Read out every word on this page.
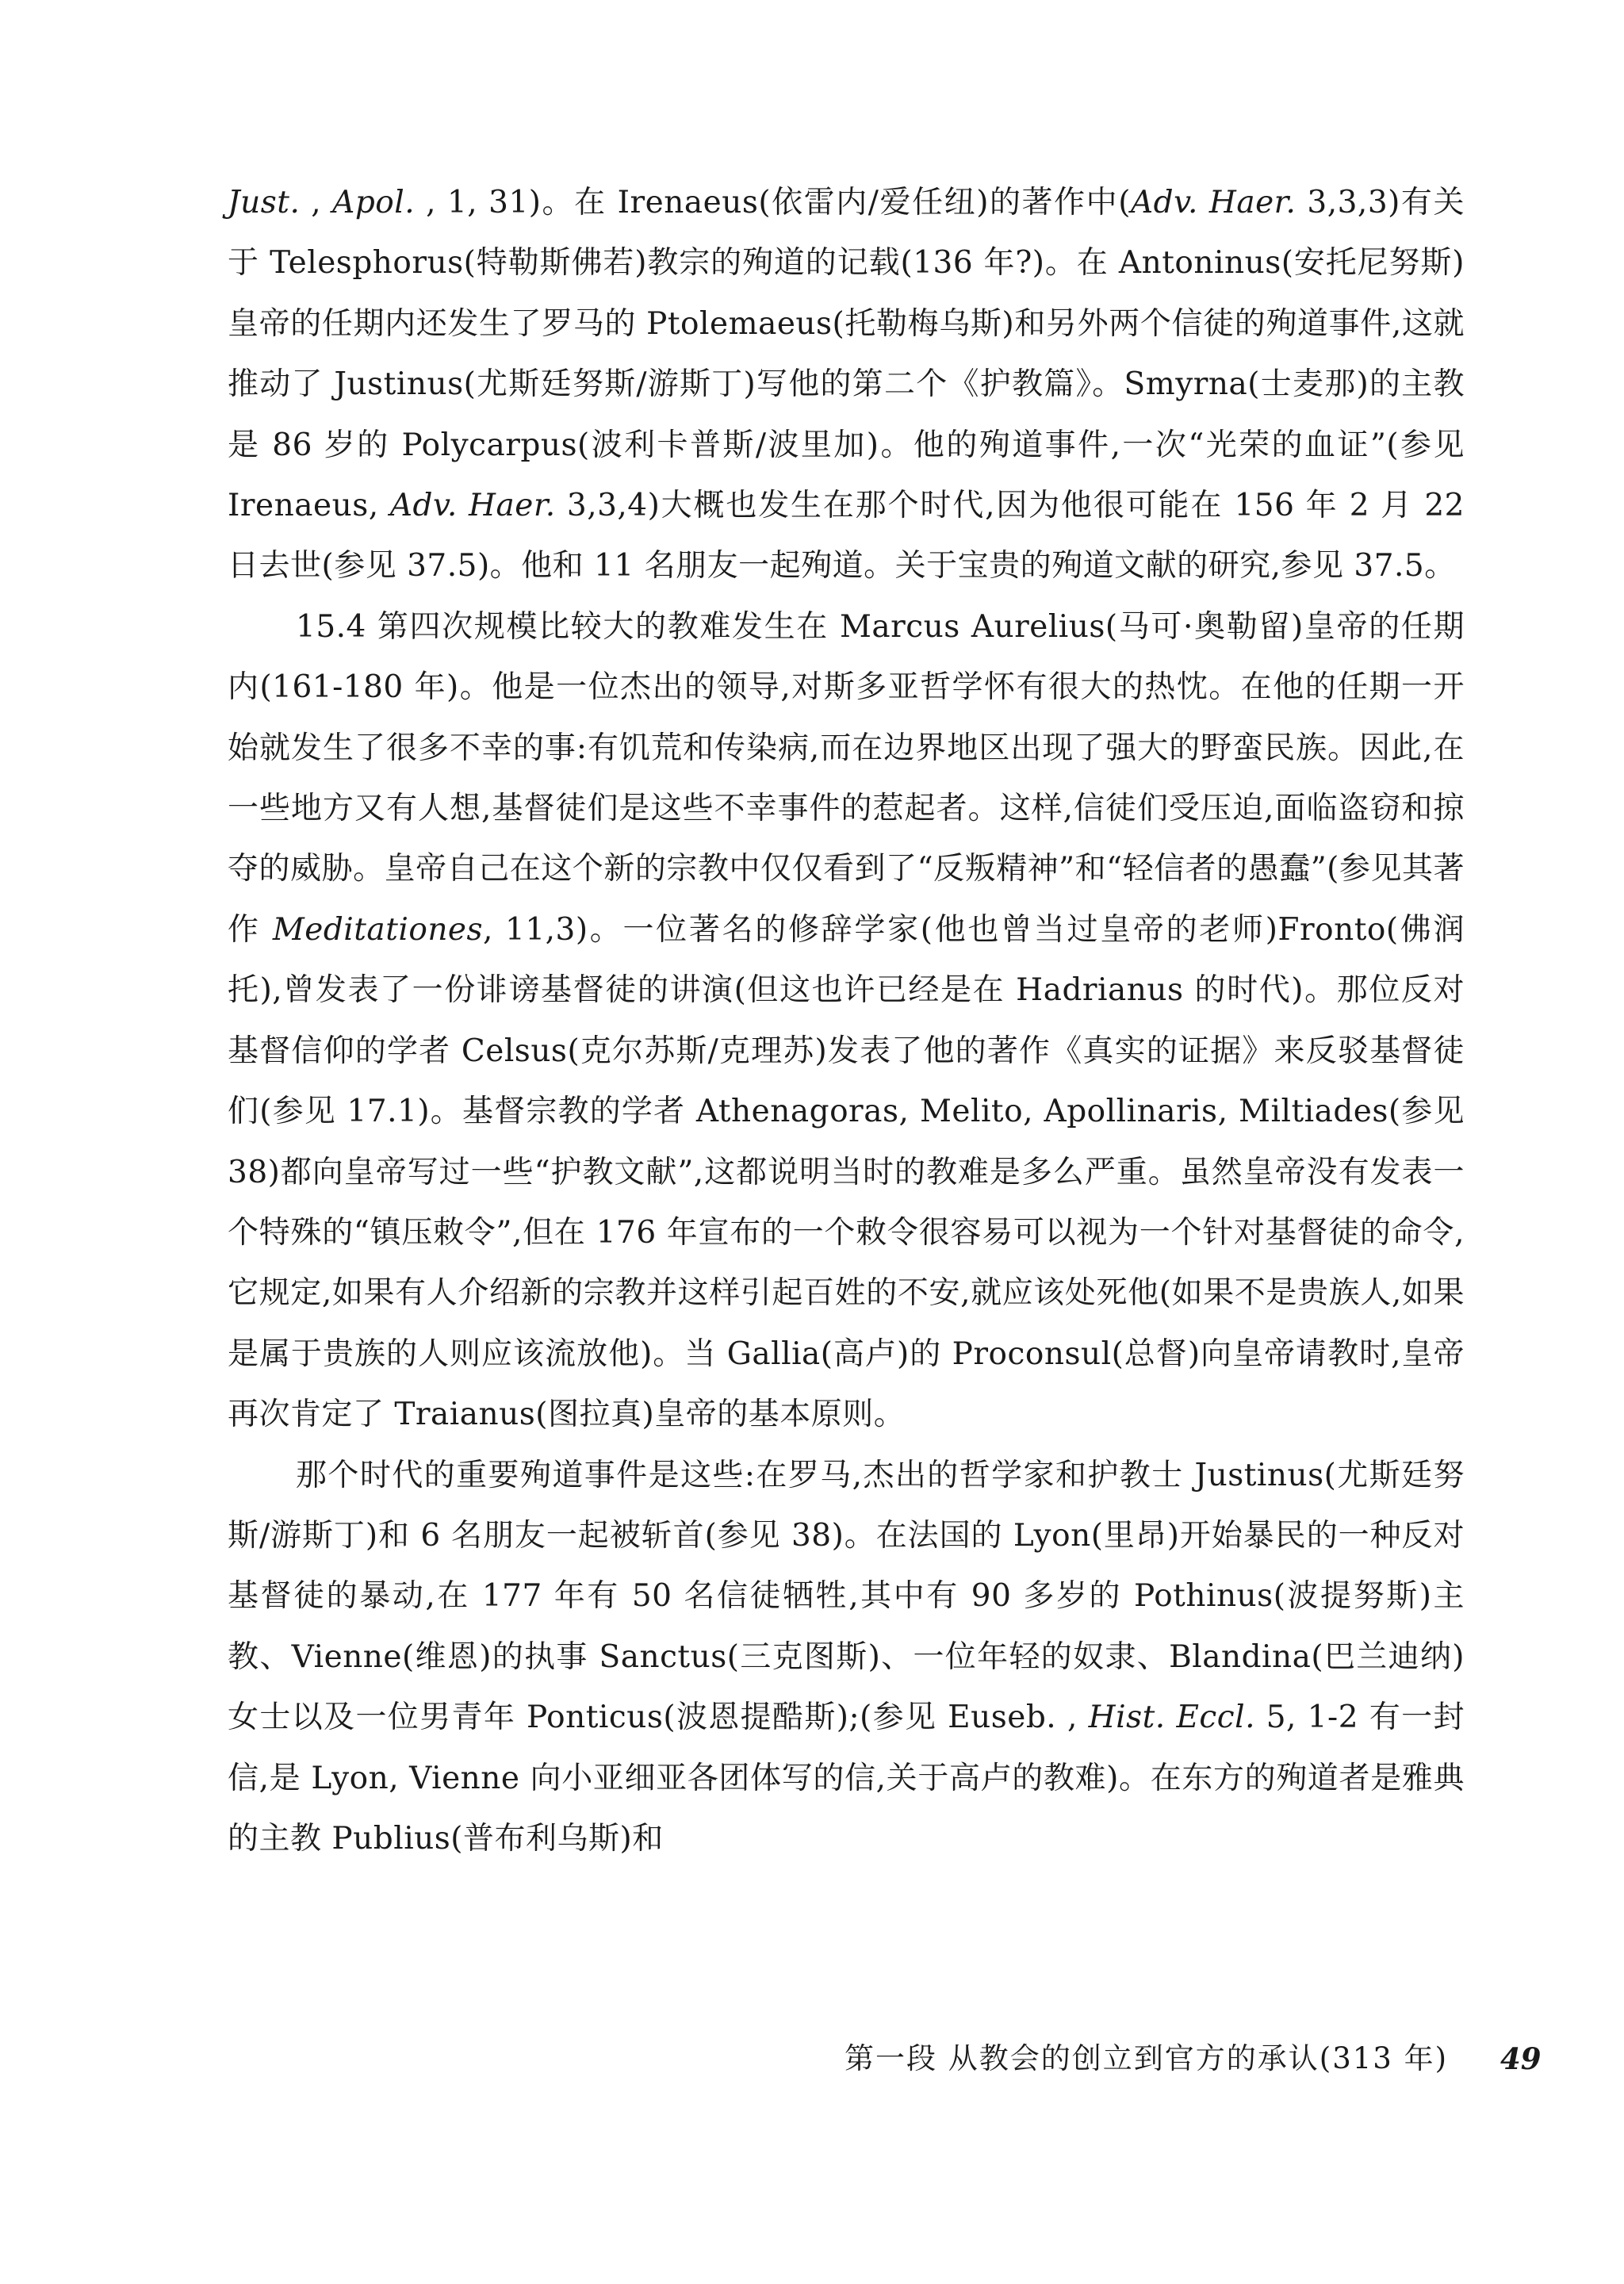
Just. , Apol. , 1, 31)。在 Irenaeus(依雷内/爱任纽)的著作中(Adv. Haer. 3,3,3)有关于 Telesphorus(特勒斯佛若)教宗的殉道的记载(136 年?)。在 Antoninus(安托尼努斯)皇帝的任期内还发生了罗马的 Ptolemaeus(托勒梅乌斯)和另外两个信徒的殉道事件,这就推动了 Justinus(尤斯廷努斯/游斯丁)写他的第二个《护教篇》。Smyrna(士麦那)的主教是 86 岁的 Polycarpus(波利卡普斯/波里加)。他的殉道事件,一次“光荣的血证”(参见 Irenaeus, Adv. Haer. 3,3,4)大概也发生在那个时代,因为他很可能在 156 年 2 月 22 日去世(参见 37.5)。他和 11 名朋友一起殉道。关于宝贵的殉道文献的研究,参见 37.5。

15.4 第四次规模比较大的教难发生在 Marcus Aurelius(马可·奥勒留)皇帝的任期内(161-180 年)。他是一位杰出的领导,对斯多亚哲学怀有很大的热忱。在他的任期一开始就发生了很多不幸的事:有饥荒和传染病,而在边界地区出现了强大的野蛮民族。因此,在一些地方又有人想,基督徒们是这些不幸事件的惹起者。这样,信徒们受压迫,面临盗窃和掠夺的威胁。皇帝自己在这个新的宗教中仅仅看到了“反叛精神”和“轻信者的愚蠢”(参见其著作 Meditationes, 11,3)。一位著名的修辞学家(他也曾当过皇帝的老师)Fronto(佛润托),曾发表了一份诽谤基督徒的讲演(但这也许已经是在 Hadrianus 的时代)。那位反对基督信仰的学者 Celsus(克尔苏斯/克理苏)发表了他的著作《真实的证据》来反驳基督徒们(参见 17.1)。基督宗教的学者 Athenagoras, Melito, Apollinaris, Miltiades(参见 38)都向皇帝写过一些“护教文献”,这都说明当时的教难是多么严重。虽然皇帝没有发表一个特殊的“镇压敕令”,但在 176 年宣布的一个敕令很容易可以视为一个针对基督徒的命令,它规定,如果有人介绍新的宗教并这样引起百姓的不安,就应该处死他(如果不是贵族人,如果是属于贵族的人则应该流放他)。当 Gallia(高卢)的 Proconsul(总督)向皇帝请教时,皇帝再次肯定了 Traianus(图拉真)皇帝的基本原则。

那个时代的重要殉道事件是这些:在罗马,杰出的哲学家和护教士 Justinus(尤斯廷努斯/游斯丁)和 6 名朋友一起被斩首(参见 38)。在法国的 Lyon(里昂)开始暴民的一种反对基督徒的暴动,在 177 年有 50 名信徒牺牲,其中有 90 多岁的 Pothinus(波提努斯)主教、Vienne(维恩)的执事 Sanctus(三克图斯)、一位年轻的奴隶、Blandina(巴兰迪纳)女士以及一位男青年 Ponticus(波恩提酷斯);(参见 Euseb. , Hist. Eccl. 5, 1-2 有一封信,是 Lyon, Vienne 向小亚细亚各团体写的信,关于高卢的教难)。在东方的殉道者是雅典的主教 Publius(普布利乌斯)和

第一段 从教会的创立到官方的承认(313 年) 49
